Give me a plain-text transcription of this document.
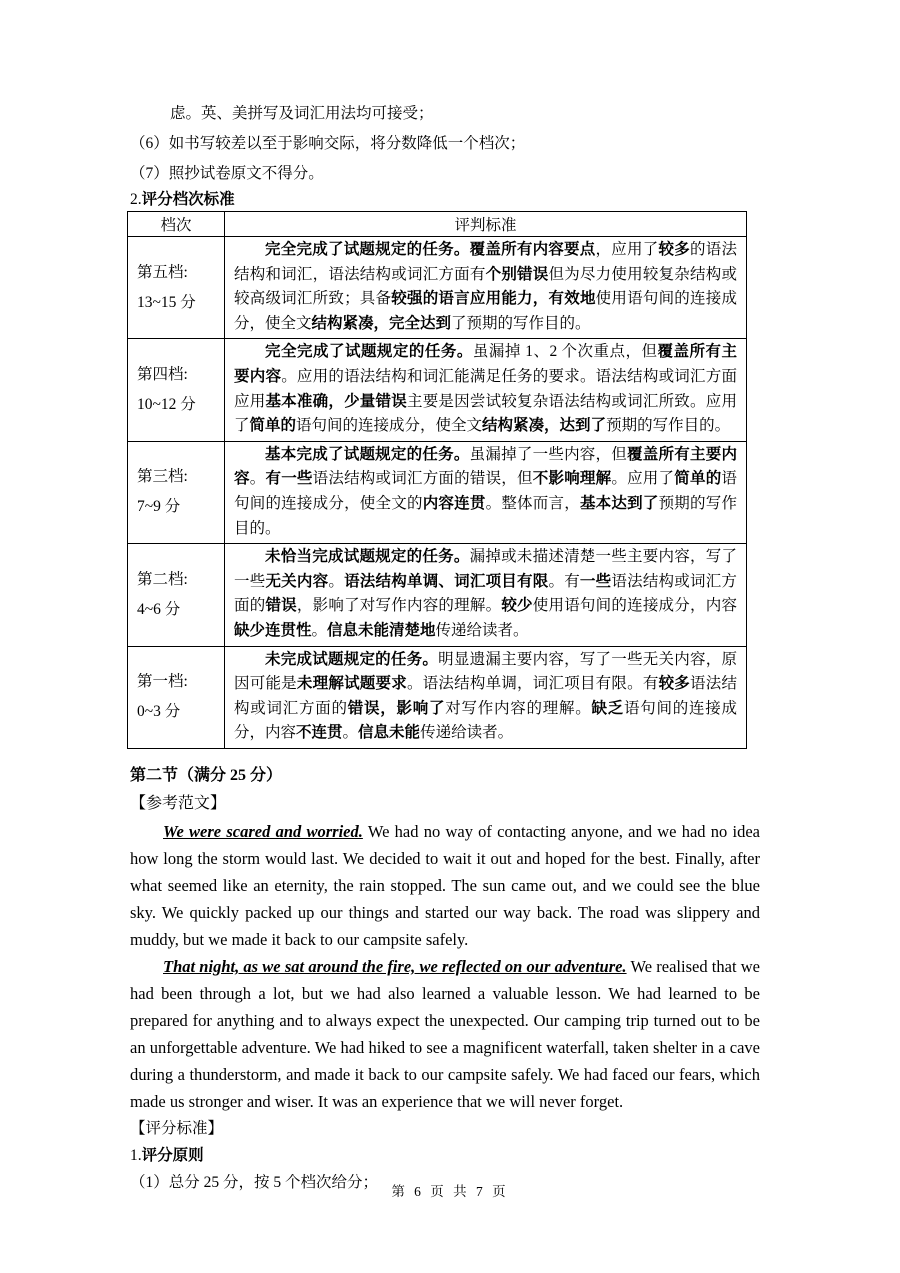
虑。英、美拼写及词汇用法均可接受；
（6）如书写较差以至于影响交际，将分数降低一个档次；
（7）照抄试卷原文不得分。
2.评分档次标准
档次	评判标准

第五档:
13~15 分	完全完成了试题规定的任务。覆盖所有内容要点，应用了较多的语法结构和词汇，语法结构或词汇方面有个别错误但为尽力使用较复杂结构或较高级词汇所致；具备较强的语言应用能力，有效地使用语句间的连接成分，使全文结构紧凑，完全达到了预期的写作目的。

第四档:
10~12 分	完全完成了试题规定的任务。虽漏掉 1、2 个次重点，但覆盖所有主要内容。应用的语法结构和词汇能满足任务的要求。语法结构或词汇方面应用基本准确，少量错误主要是因尝试较复杂语法结构或词汇所致。应用了简单的语句间的连接成分，使全文结构紧凑，达到了预期的写作目的。

第三档:
7~9 分	基本完成了试题规定的任务。虽漏掉了一些内容，但覆盖所有主要内容。有一些语法结构或词汇方面的错误，但不影响理解。应用了简单的语句间的连接成分，使全文的内容连贯。整体而言，基本达到了预期的写作目的。

第二档:
4~6 分	未恰当完成试题规定的任务。漏掉或未描述清楚一些主要内容，写了一些无关内容。语法结构单调、词汇项目有限。有一些语法结构或词汇方面的错误，影响了对写作内容的理解。较少使用语句间的连接成分，内容缺少连贯性。信息未能清楚地传递给读者。

第一档:
0~3 分	未完成试题规定的任务。明显遗漏主要内容，写了一些无关内容，原因可能是未理解试题要求。语法结构单调，词汇项目有限。有较多语法结构或词汇方面的错误，影响了对写作内容的理解。缺乏语句间的连接成分，内容不连贯。信息未能传递给读者。
第二节（满分 25 分）
【参考范文】

We were scared and worried. We had no way of contacting anyone, and we had no idea how long the storm would last. We decided to wait it out and hoped for the best. Finally, after what seemed like an eternity, the rain stopped. The sun came out, and we could see the blue sky. We quickly packed up our things and started our way back. The road was slippery and muddy, but we made it back to our campsite safely.

That night, as we sat around the fire, we reflected on our adventure. We realised that we had been through a lot, but we had also learned a valuable lesson. We had learned to be prepared for anything and to always expect the unexpected. Our camping trip turned out to be an unforgettable adventure. We had hiked to see a magnificent waterfall, taken shelter in a cave during a thunderstorm, and made it back to our campsite safely. We had faced our fears, which made us stronger and wiser. It was an experience that we will never forget.

【评分标准】
1.评分原则
（1）总分 25 分，按 5 个档次给分；
第 6 页 共 7 页
